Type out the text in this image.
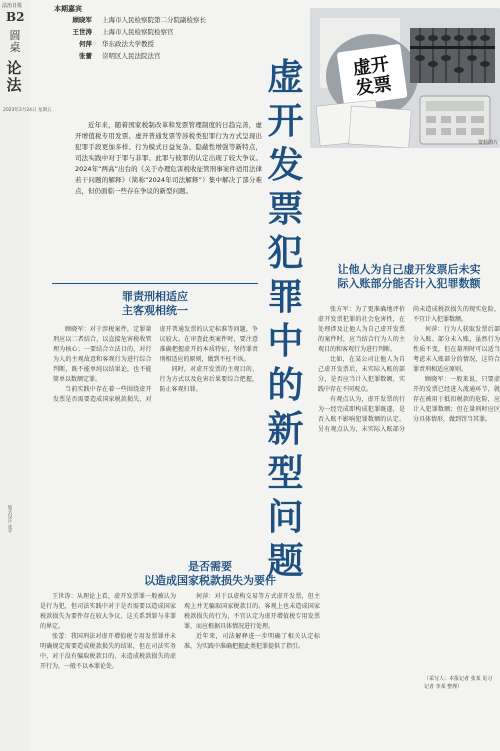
法治日报
B2
圆桌
论法
2023年2月24日 星期五
版式设计 张平
本期嘉宾
顾晓军 上海市人民检察院第二分院副检察长
王世涛 上海市人民检察院检察官
何萍 华东政法大学教授
张蕾 崇明区人民法院法官	虚开发票犯罪中的新型问题
虚开
发票
资料图片
近年来，随着国家税制改革和发票管理制度的日趋完善，虚开增值税专用发票、虚开普通发票等涉税类犯罪行为方式呈现出犯罪手段更加多样、行为模式日益复杂、隐蔽性增强等新特点，司法实践中对于罪与非罪、此罪与彼罪的认定出现了较大争议。2024年“两高”出台的《关于办理危害税收征管刑事案件适用法律若干问题的解释》（简称“2024年司法解释”）集中解决了部分难点，但仍面临一些存在争议的新型问题。
罪责刑相适应
主客观相统一

顾晓军：对于涉税案件，定罪量刑应以二者结合，以直接危害税收管理为核心；一要结合立法目的，对行为人的主观故意和客观行为进行综合判断，既不能单纯以结果论，也不能简单以数额定罪。

当前实践中存在着一些围绕虚开发票是否需要造成国家税款损失、对虚开普通发票的认定标准等问题，争议较大。在审查此类案件时，要注意准确把握虚开的本质特征，坚持罪责刑相适应的原则，做到不枉不纵。

同时，对虚开发票的主观目的、行为方式以及危害后果要综合把握，防止客观归罪。

让他人为自己虚开发票后未实
际入账部分能否计入犯罪数额

张方军：为了更准确地评价虚开发票犯罪的社会危害性，在处理涉及让他人为自己虚开发票的案件时，应当结合行为人的主观目的和客观行为进行判断。

比如，在某公司让他人为自己虚开发票后，未实际入账的部分，是否应当计入犯罪数额，实践中存在不同观点。

有观点认为，虚开发票的行为一经完成即构成犯罪既遂，是否入账不影响犯罪数额的认定。另有观点认为，未实际入账部分尚未造成税款损失的现实危险，不宜计入犯罪数额。

何萍：行为人获取发票后部分入账、部分未入账，虽然行为性质不变，但在量刑时可以适当考虑未入账部分的情况，这符合罪责刑相适应原则。

顾晓军：一般来说，只要虚开的发票已经进入流通环节，就存在被用于抵扣税款的危险，应计入犯罪数额；但在量刑时应区分具体情形，做到罚当其罪。

是否需要
以造成国家税款损失为要件

王世涛：从理论上看，虚开发票罪一般被认为是行为犯，但司法实践中对于是否需要以造成国家税款损失为要件存在较大争议，这关系到罪与非罪的界定。

张蕾：我国刑法对虚开增值税专用发票罪并未明确规定需要造成税款损失的结果，但在司法实务中，对于没有骗取税款目的、未造成税款损失的虚开行为，一般不以本罪论处。

何萍：对于以虚构交易等方式虚开发票，但主观上并无骗取国家税款目的、客观上也未造成国家税款损失的行为，不宜认定为虚开增值税专用发票罪，而应根据具体情况进行处理。

近年来，司法解释进一步明确了相关认定标准，为实践中准确把握此类犯罪提供了指引。

（采写人：本报记者 张某 见习记者 李某 整理）
